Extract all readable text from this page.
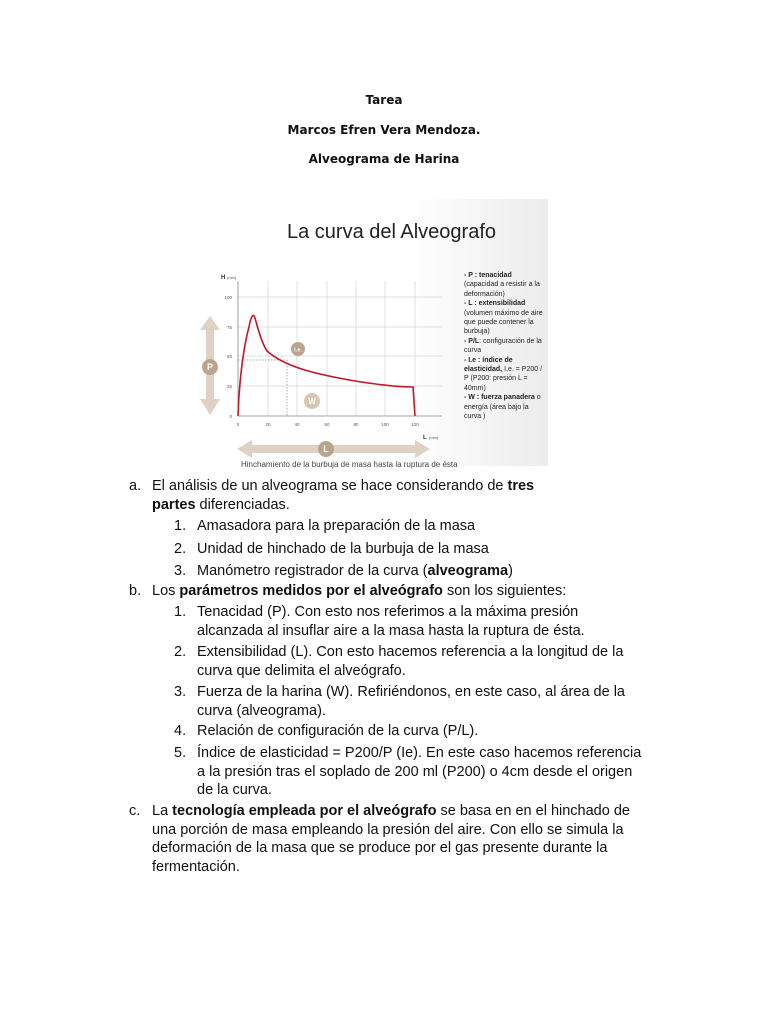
Tarea
Marcos Efren Vera Mendoza.
Alveograma de Harina
La curva del Alveografo
H (mm)
100
75
50
25
0
0	20	40	60	80	100	120
L (mm)
P
L
I.e.
W
- P : tenacidad (capacidad a resistir a la deformación)
- L : extensibilidad (volumen máximo de aire que puede contener la burbuja)
- P/L: configuración de la curva
- I.e : índice de elasticidad, I.e. = P200 / P (P200: presión L = 40mm)
- W : fuerza panadera o energía (área bajo la curva )
Hinchamiento de la burbuja de masa hasta la ruptura de ésta
a. El análisis de un alveograma se hace considerando de tres
partes diferenciadas.
1. Amasadora para la preparación de la masa
2. Unidad de hinchado de la burbuja de la masa
3. Manómetro registrador de la curva (alveograma)
b. Los parámetros medidos por el alveógrafo son los siguientes:
1. Tenacidad (P). Con esto nos referimos a la máxima presión
alcanzada al insuflar aire a la masa hasta la ruptura de ésta.
2. Extensibilidad (L). Con esto hacemos referencia a la longitud de la
curva que delimita el alveógrafo.
3. Fuerza de la harina (W). Refiriéndonos, en este caso, al área de la
curva (alveograma).
4. Relación de configuración de la curva (P/L).
5. Índice de elasticidad = P200/P (Ie). En este caso hacemos referencia
a la presión tras el soplado de 200 ml (P200) o 4cm desde el origen
de la curva.
c. La tecnología empleada por el alveógrafo se basa en en el hinchado de
una porción de masa empleando la presión del aire. Con ello se simula la
deformación de la masa que se produce por el gas presente durante la
fermentación.
